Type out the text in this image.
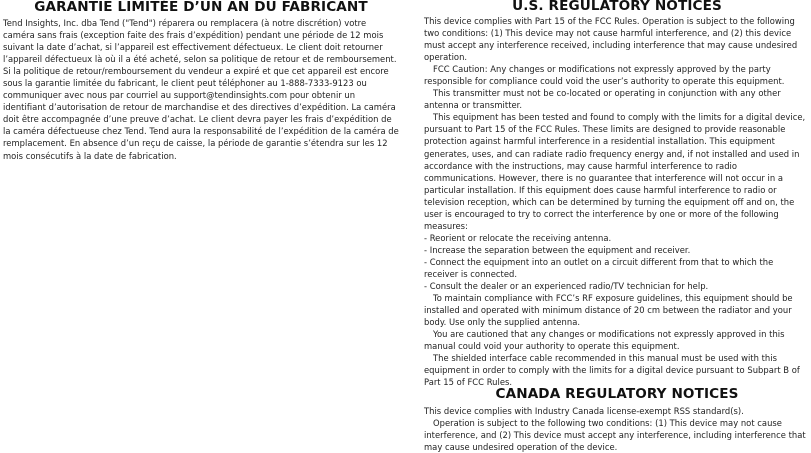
GARANTIE LIMITÉE D’UN AN DU FABRICANT

Tend Insights, Inc. dba Tend ("Tend") réparera ou remplacera (à notre discrétion) votre caméra sans frais (exception faite des frais d’expédition) pendant une période de 12 mois suivant la date d’achat, si l’appareil est effectivement défectueux. Le client doit retourner l’appareil défectueux là où il a été acheté, selon sa politique de retour et de remboursement. Si la politique de retour/remboursement du vendeur a expiré et que cet appareil est encore sous la garantie limitée du fabricant, le client peut téléphoner au 1-888-7333-9123 ou communiquer avec nous par courriel au support@tendinsights.com pour obtenir un identifiant d’autorisation de retour de marchandise et des directives d’expédition. La caméra doit être accompagnée d’une preuve d’achat. Le client devra payer les frais d’expédition de la caméra défectueuse chez Tend. Tend aura la responsabilité de l’expédition de la caméra de remplacement. En absence d’un reçu de caisse, la période de garantie s’étendra sur les 12 mois consécutifs à la date de fabrication.

U.S. REGULATORY NOTICES

This device complies with Part 15 of the FCC Rules. Operation is subject to the following two conditions: (1) This device may not cause harmful interference, and (2) this device must accept any interference received, including interference that may cause undesired operation.

FCC Caution: Any changes or modifications not expressly approved by the party responsible for compliance could void the user’s authority to operate this equipment.

This transmitter must not be co-located or operating in conjunction with any other antenna or transmitter.

This equipment has been tested and found to comply with the limits for a digital device, pursuant to Part 15 of the FCC Rules. These limits are designed to provide reasonable protection against harmful interference in a residential installation. This equipment generates, uses, and can radiate radio frequency energy and, if not installed and used in accordance with the instructions, may cause harmful interference to radio communications. However, there is no guarantee that interference will not occur in a particular installation. If this equipment does cause harmful interference to radio or television reception, which can be determined by turning the equipment off and on, the user is encouraged to try to correct the interference by one or more of the following measures:

- Reorient or relocate the receiving antenna.

- Increase the separation between the equipment and receiver.

- Connect the equipment into an outlet on a circuit different from that to which the receiver is connected.

- Consult the dealer or an experienced radio/TV technician for help.

To maintain compliance with FCC’s RF exposure guidelines, this equipment should be installed and operated with minimum distance of 20 cm between the radiator and your body. Use only the supplied antenna.

You are cautioned that any changes or modifications not expressly approved in this manual could void your authority to operate this equipment.

The shielded interface cable recommended in this manual must be used with this equipment in order to comply with the limits for a digital device pursuant to Subpart B of Part 15 of FCC Rules.

CANADA REGULATORY NOTICES

This device complies with Industry Canada license-exempt RSS standard(s).

Operation is subject to the following two conditions: (1) This device may not cause interference, and (2) This device must accept any interference, including interference that may cause undesired operation of the device.
